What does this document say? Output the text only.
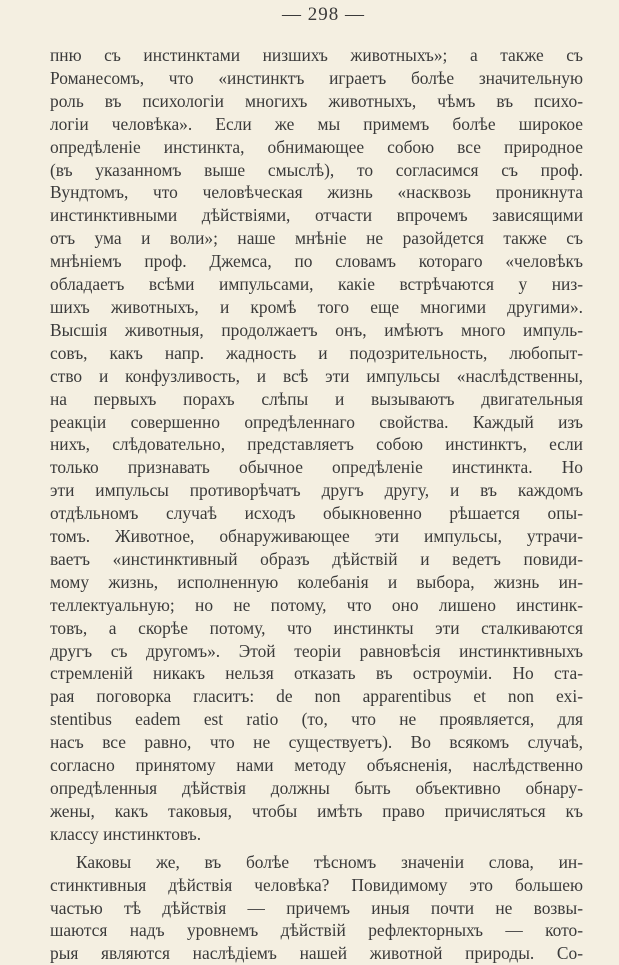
— 298 —
пню съ инстинктами низшихъ животныхъ»; а также съ
Романесомъ, что «инстинктъ играетъ болѣе значительную
роль въ психологіи многихъ животныхъ, чѣмъ въ психо-
логіи человѣка». Если же мы примемъ болѣе широкое
опредѣленіе инстинкта, обнимающее собою все природное
(въ указанномъ выше смыслѣ), то согласимся съ проф.
Вундтомъ, что человѣческая жизнь «насквозь проникнута
инстинктивными дѣйствіями, отчасти впрочемъ зависящими
отъ ума и воли»; наше мнѣніе не разойдется также съ
мнѣніемъ проф. Джемса, по словамъ котораго «человѣкъ
обладаетъ всѣми импульсами, какіе встрѣчаются у низ-
шихъ животныхъ, и кромѣ того еще многими другими».
Высшія животныя, продолжаетъ онъ, имѣютъ много импуль-
совъ, какъ напр. жадность и подозрительность, любопыт-
ство и конфузливость, и всѣ эти импульсы «наслѣдственны,
на первыхъ порахъ слѣпы и вызываютъ двигательныя
реакціи совершенно опредѣленнаго свойства. Каждый изъ
нихъ, слѣдовательно, представляетъ собою инстинктъ, если
только признавать обычное опредѣленіе инстинкта. Но
эти импульсы противорѣчатъ другъ другу, и въ каждомъ
отдѣльномъ случаѣ исходъ обыкновенно рѣшается опы-
томъ. Животное, обнаруживающее эти импульсы, утрачи-
ваетъ «инстинктивный образъ дѣйствій и ведетъ повиди-
мому жизнь, исполненную колебанія и выбора, жизнь ин-
теллектуальную; но не потому, что оно лишено инстинк-
товъ, а скорѣе потому, что инстинкты эти сталкиваются
другъ съ другомъ». Этой теоріи равновѣсія инстинктивныхъ
стремленій никакъ нельзя отказать въ остроуміи. Но ста-
рая поговорка гласитъ: de non apparentibus et non exi-
stentibus eadem est ratio (то, что не проявляется, для
насъ все равно, что не существуетъ). Во всякомъ случаѣ,
согласно принятому нами методу объясненія, наслѣдственно
опредѣленныя дѣйствія должны быть объективно обнару-
жены, какъ таковыя, чтобы имѣть право причисляться къ
классу инстинктовъ.
Каковы же, въ болѣе тѣсномъ значеніи слова, ин-
стинктивныя дѣйствія человѣка? Повидимому это большею
частью тѣ дѣйствія — причемъ иныя почти не возвы-
шаются надъ уровнемъ дѣйствій рефлекторныхъ — кото-
рыя являются наслѣдіемъ нашей животной природы. Со-
